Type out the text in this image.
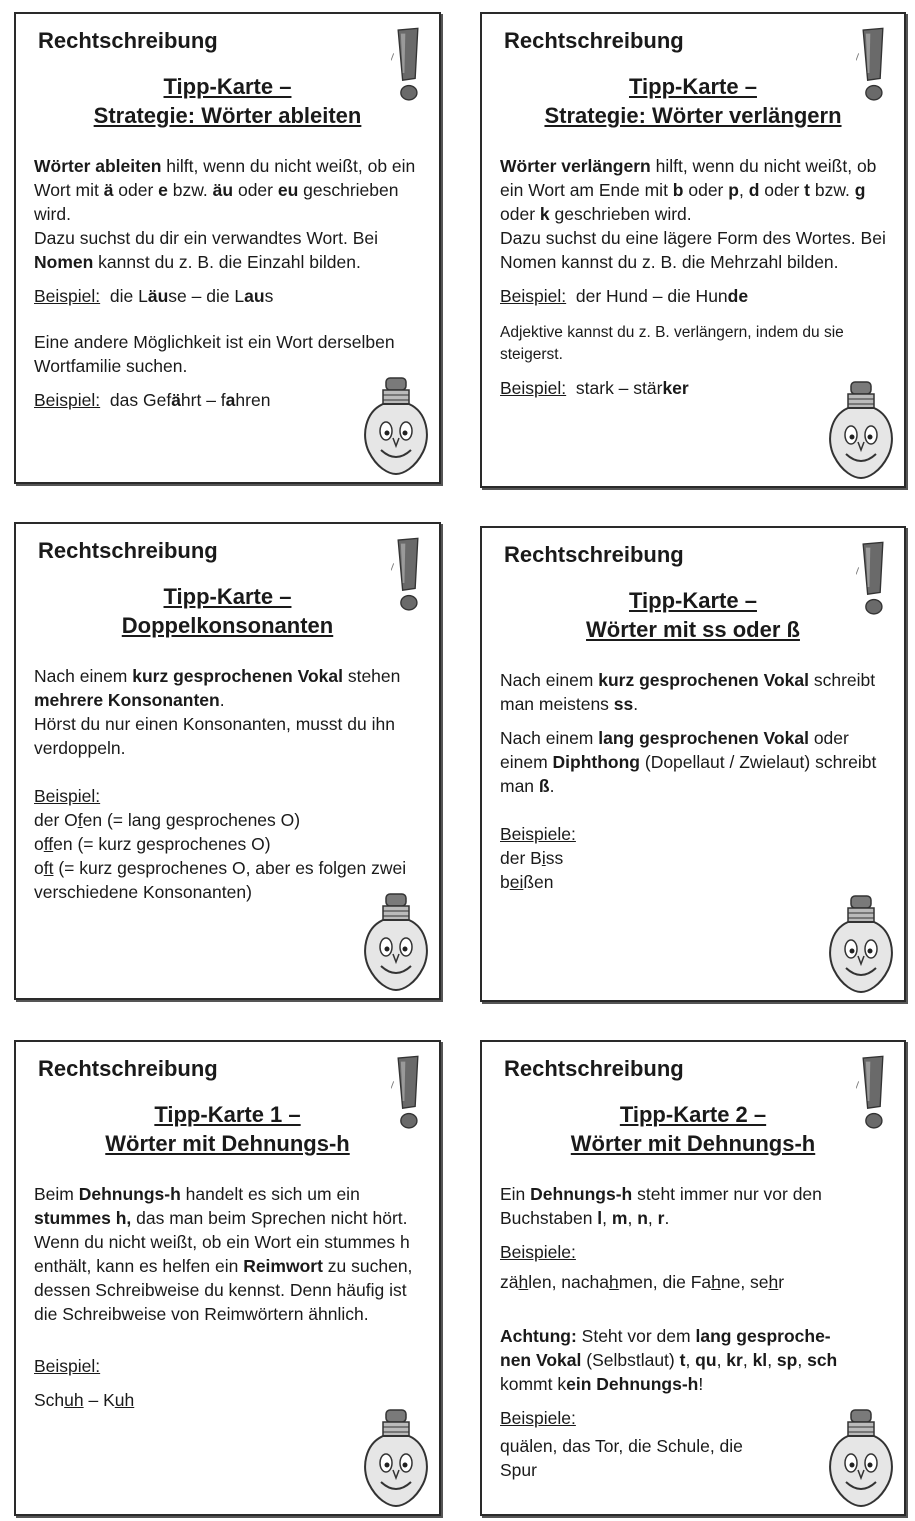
Rechtschreibung
Tipp-Karte –
Strategie: Wörter ableiten

Wörter ableiten hilft, wenn du nicht weißt, ob ein Wort mit ä oder e bzw. äu oder eu geschrieben wird.

Dazu suchst du dir ein verwandtes Wort. Bei Nomen kannst du z. B. die Einzahl bilden.

Beispiel: die Läuse – die Laus

Eine andere Möglichkeit ist ein Wort derselben Wortfamilie suchen.

Beispiel: das Gefährt – fahren

Rechtschreibung
Tipp-Karte –
Strategie: Wörter verlängern

Wörter verlängern hilft, wenn du nicht weißt, ob ein Wort am Ende mit b oder p, d oder t bzw. g oder k geschrieben wird.

Dazu suchst du eine lägere Form des Wortes. Bei Nomen kannst du z. B. die Mehrzahl bilden.

Beispiel: der Hund – die Hunde

Adjektive kannst du z. B. verlängern, indem du sie steigerst.

Beispiel: stark – stärker

Rechtschreibung
Tipp-Karte –
Doppelkonsonanten

Nach einem kurz gesprochenen Vokal stehen mehrere Konsonanten.

Hörst du nur einen Konsonanten, musst du ihn verdoppeln.

Beispiel:
der Ofen (= lang gesprochenes O)
offen (= kurz gesprochenes O)
oft (= kurz gesprochenes O, aber es folgen zwei verschiedene Konsonanten)
Rechtschreibung
Tipp-Karte –
Wörter mit ss oder ß

Nach einem kurz gesprochenen Vokal schreibt man meistens ss.

Nach einem lang gesprochenen Vokal oder einem Diphthong (Dopellaut / Zwielaut) schreibt man ß.

Beispiele:
der Biss
beißen
Rechtschreibung
Tipp-Karte 1 –
Wörter mit Dehnungs-h

Beim Dehnungs-h handelt es sich um ein stummes h, das man beim Sprechen nicht hört. Wenn du nicht weißt, ob ein Wort ein stummes h enthält, kann es helfen ein Reimwort zu suchen, dessen Schreibweise du kennst. Denn häufig ist die Schreibweise von Reimwörtern ähnlich.

Beispiel:

Schuh – Kuh
Rechtschreibung
Tipp-Karte 2 –
Wörter mit Dehnungs-h

Ein Dehnungs-h steht immer nur vor den Buchstaben l, m, n, r.

Beispiele:

zählen, nachahmen, die Fahne, sehr

Achtung: Steht vor dem lang gesproche-nen Vokal (Selbstlaut) t, qu, kr, kl, sp, sch kommt kein Dehnungs-h!

Beispiele:

quälen, das Tor, die Schule, die Spur
